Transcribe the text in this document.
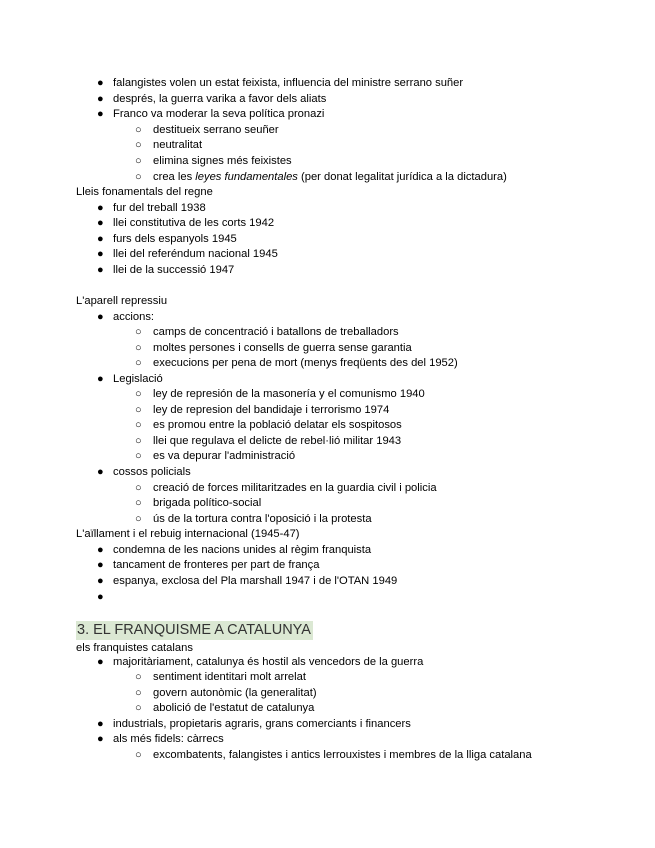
● falangistes volen un estat feixista, influencia del ministre serrano suñer
● després, la guerra varika a favor dels aliats
● Franco va moderar la seva política pronazi
○ destitueix serrano seuñer
○ neutralitat
○ elimina signes més feixistes
○ crea les leyes fundamentales (per donat legalitat jurídica a la dictadura)
Lleis fonamentals del regne
● fur del treball 1938
● llei constitutiva de les corts 1942
● furs dels espanyols 1945
● llei del referéndum nacional 1945
● llei de la successió 1947
L'aparell repressiu
● accions:
○ camps de concentració i batallons de treballadors
○ moltes persones i consells de guerra sense garantia
○ execucions per pena de mort (menys freqüents des del 1952)
● Legislació
○ ley de represión de la masonería y el comunismo 1940
○ ley de represion del bandidaje i terrorismo 1974
○ es promou entre la població delatar els sospitosos
○ llei que regulava el delicte de rebel·lió militar 1943
○ es va depurar l'administració
● cossos policials
○ creació de forces militaritzades en la guardia civil i policia
○ brigada político-social
○ ús de la tortura contra l'oposició i la protesta
L'aïllament i el rebuig internacional (1945-47)
● condemna de les nacions unides al règim franquista
● tancament de fronteres per part de frança
● espanya, exclosa del Pla marshall 1947 i de l'OTAN 1949
●
3. EL FRANQUISME A CATALUNYA
els franquistes catalans
● majoritàriament, catalunya és hostil als vencedors de la guerra
○ sentiment identitari molt arrelat
○ govern autonòmic (la generalitat)
○ abolició de l'estatut de catalunya
● industrials, propietaris agraris, grans comerciants i financers
● als més fidels: càrrecs
○ excombatents, falangistes i antics lerrouxistes i membres de la lliga catalana
